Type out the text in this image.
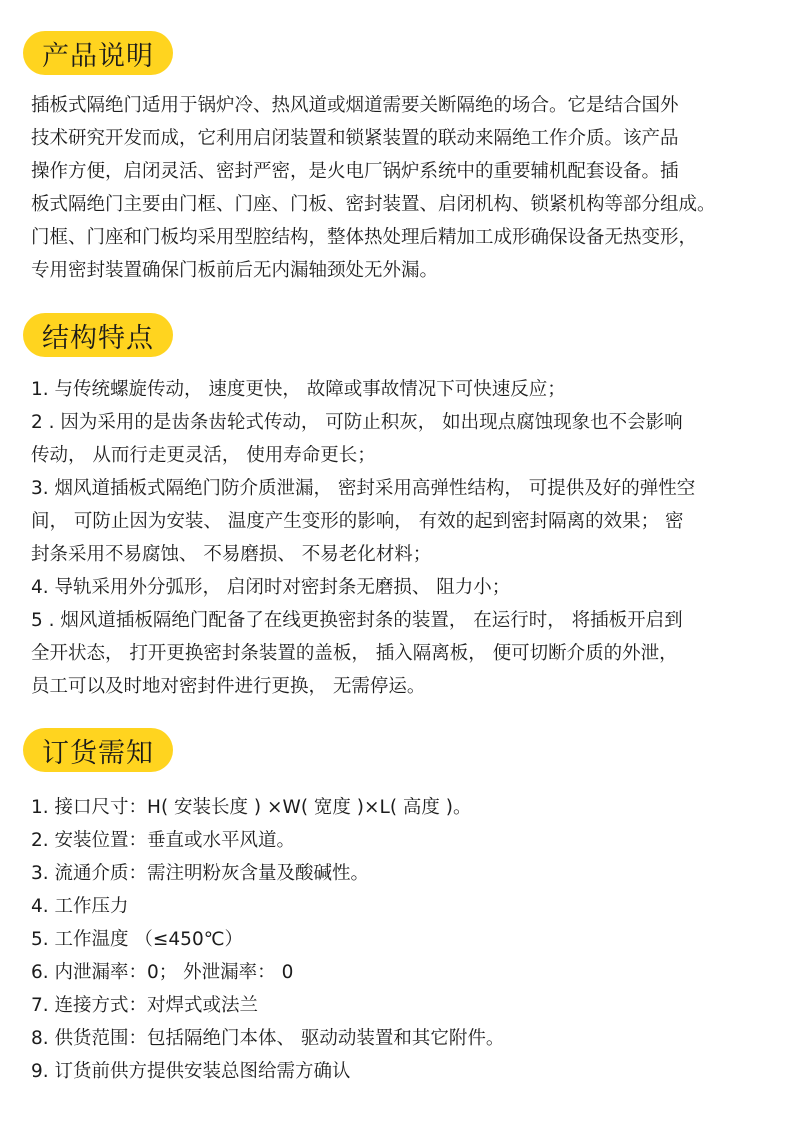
产品说明
插板式隔绝门适用于锅炉冷、热风道或烟道需要关断隔绝的场合。它是结合国外
技术研究开发而成，它利用启闭装置和锁紧装置的联动来隔绝工作介质。该产品
操作方便，启闭灵活、密封严密，是火电厂锅炉系统中的重要辅机配套设备。插
板式隔绝门主要由门框、门座、门板、密封装置、启闭机构、锁紧机构等部分组成。
门框、门座和门板均采用型腔结构，整体热处理后精加工成形确保设备无热变形，
专用密封装置确保门板前后无内漏轴颈处无外漏。
结构特点
1. 与传统螺旋传动， 速度更快， 故障或事故情况下可快速反应；
2 . 因为采用的是齿条齿轮式传动， 可防止积灰， 如出现点腐蚀现象也不会影响
传动， 从而行走更灵活， 使用寿命更长；
3. 烟风道插板式隔绝门防介质泄漏， 密封采用高弹性结构， 可提供及好的弹性空
间， 可防止因为安装、 温度产生变形的影响， 有效的起到密封隔离的效果； 密
封条采用不易腐蚀、 不易磨损、 不易老化材料；
4. 导轨采用外分弧形， 启闭时对密封条无磨损、 阻力小；
5 . 烟风道插板隔绝门配备了在线更换密封条的装置， 在运行时， 将插板开启到
全开状态， 打开更换密封条装置的盖板， 插入隔离板， 便可切断介质的外泄，
员工可以及时地对密封件进行更换， 无需停运。
订货需知
1. 接口尺寸：H( 安装长度 ) ×W( 宽度 )×L( 高度 )。
2. 安装位置：垂直或水平风道。
3. 流通介质：需注明粉灰含量及酸碱性。
4. 工作压力
5. 工作温度 （≤450℃）
6. 内泄漏率：0； 外泄漏率： 0
7. 连接方式：对焊式或法兰
8. 供货范围：包括隔绝门本体、 驱动动装置和其它附件。
9. 订货前供方提供安装总图给需方确认
